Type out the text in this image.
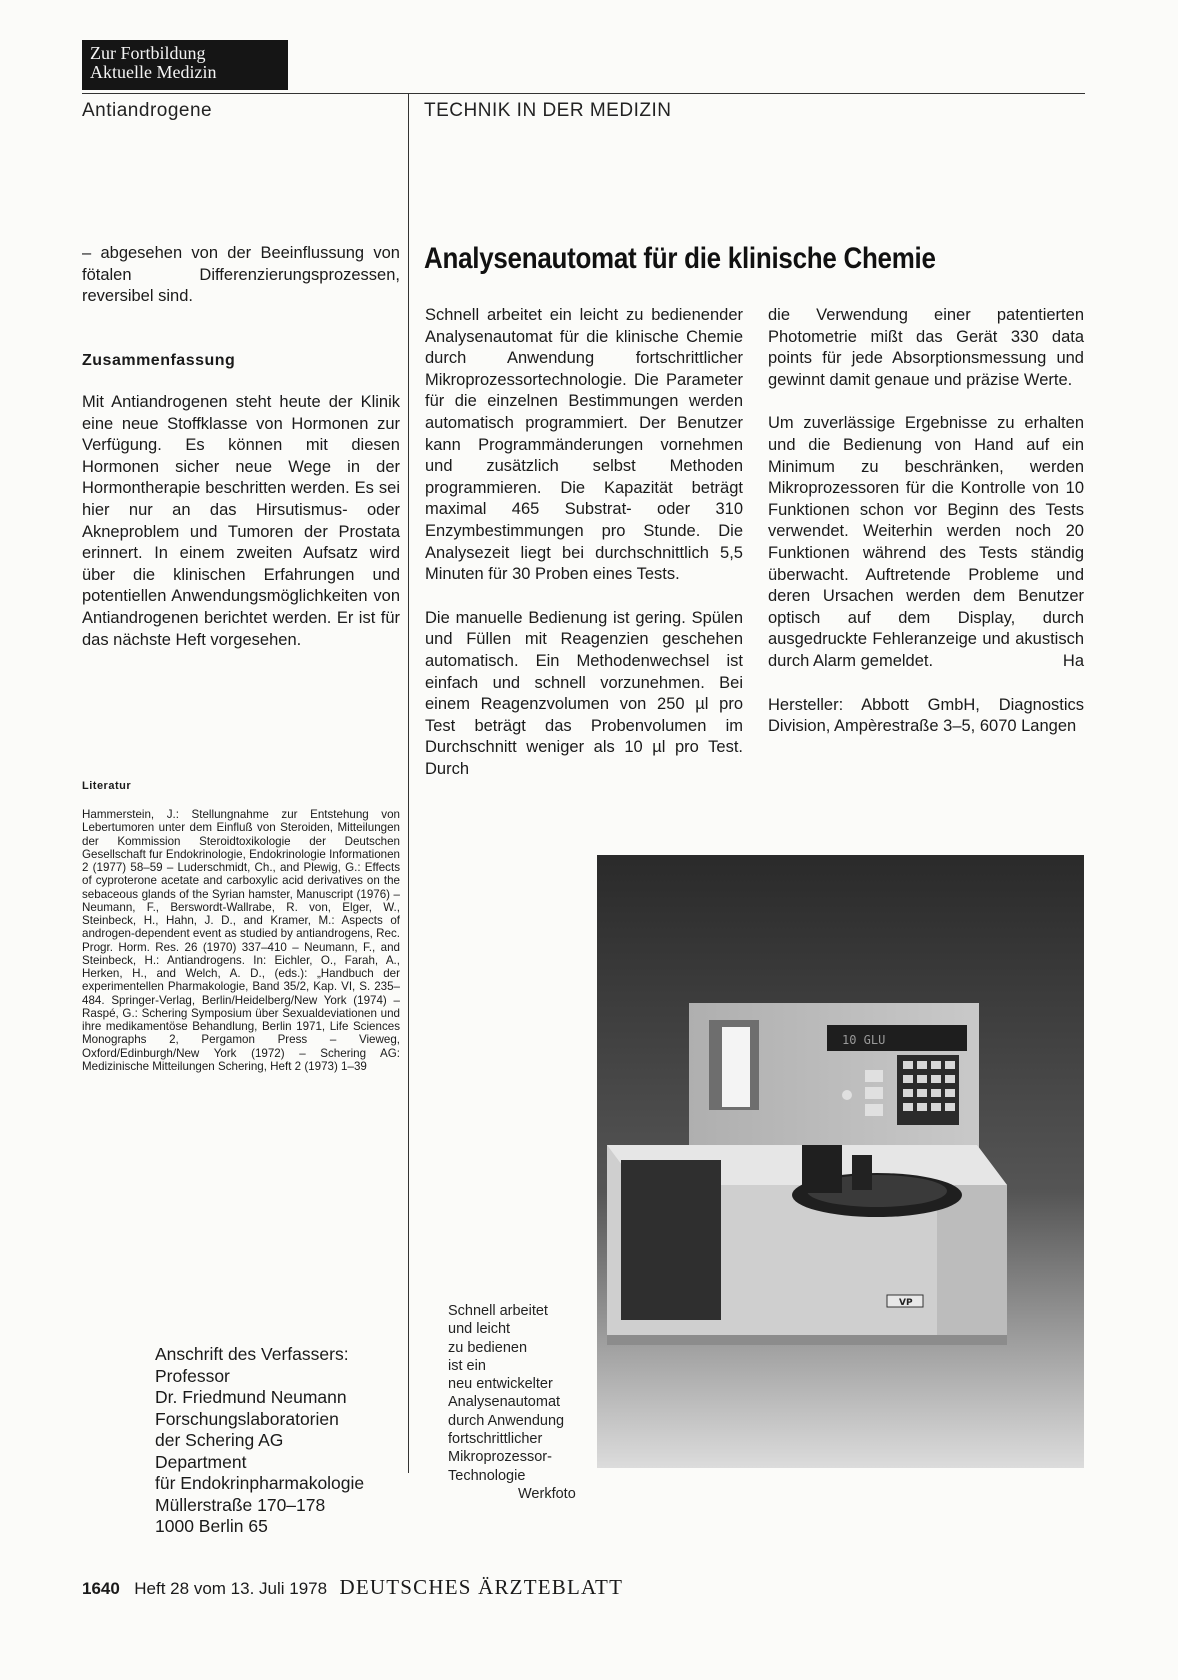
Zur Fortbildung
Aktuelle Medizin
Antiandrogene	TECHNIK IN DER MEDIZIN

– abgesehen von der Beeinflussung von fötalen Differenzierungsprozessen, reversibel sind.

Zusammenfassung

Mit Antiandrogenen steht heute der Klinik eine neue Stoffklasse von Hormonen zur Verfügung. Es können mit diesen Hormonen sicher neue Wege in der Hormontherapie beschritten werden. Es sei hier nur an das Hirsutismus- oder Akneproblem und Tumoren der Prostata erinnert. In einem zweiten Aufsatz wird über die klinischen Erfahrungen und potentiellen Anwendungsmöglichkeiten von Antiandrogenen berichtet werden. Er ist für das nächste Heft vorgesehen.

Literatur

Hammerstein, J.: Stellungnahme zur Entstehung von Lebertumoren unter dem Einfluß von Steroiden, Mitteilungen der Kommission Steroidtoxikologie der Deutschen Gesellschaft fur Endokrinologie, Endokrinologie Informationen 2 (1977) 58–59 – Luderschmidt, Ch., and Plewig, G.: Effects of cyproterone acetate and carboxylic acid derivatives on the sebaceous glands of the Syrian hamster, Manuscript (1976) – Neumann, F., Berswordt-Wallrabe, R. von, Elger, W., Steinbeck, H., Hahn, J. D., and Kramer, M.: Aspects of androgen-dependent event as studied by antiandrogens, Rec. Progr. Horm. Res. 26 (1970) 337–410 – Neumann, F., and Steinbeck, H.: Antiandrogens. In: Eichler, O., Farah, A., Herken, H., and Welch, A. D., (eds.): „Handbuch der experimentellen Pharmakologie, Band 35/2, Kap. VI, S. 235–484. Springer-Verlag, Berlin/Heidelberg/New York (1974) – Raspé, G.: Schering Symposium über Sexualdeviationen und ihre medikamentöse Behandlung, Berlin 1971, Life Sciences Monographs 2, Pergamon Press – Vieweg, Oxford/Edinburgh/New York (1972) – Schering AG: Medizinische Mitteilungen Schering, Heft 2 (1973) 1–39

Anschrift des Verfassers:
Professor
Dr. Friedmund Neumann
Forschungslaboratorien
der Schering AG
Department
für Endokrinpharmakologie
Müllerstraße 170–178
1000 Berlin 65
Analysenautomat für die klinische Chemie

Schnell arbeitet ein leicht zu bedienender Analysenautomat für die klinische Chemie durch Anwendung fortschrittlicher Mikroprozessortechnologie. Die Parameter für die einzelnen Bestimmungen werden automatisch programmiert. Der Benutzer kann Programmänderungen vornehmen und zusätzlich selbst Methoden programmieren. Die Kapazität beträgt maximal 465 Substrat- oder 310 Enzymbestimmungen pro Stunde. Die Analysezeit liegt bei durchschnittlich 5,5 Minuten für 30 Proben eines Tests.

Die manuelle Bedienung ist gering. Spülen und Füllen mit Reagenzien geschehen automatisch. Ein Methodenwechsel ist einfach und schnell vorzunehmen. Bei einem Reagenzvolumen von 250 µl pro Test beträgt das Probenvolumen im Durchschnitt weniger als 10 µl pro Test. Durch

die Verwendung einer patentierten Photometrie mißt das Gerät 330 data points für jede Absorptionsmessung und gewinnt damit genaue und präzise Werte.

Um zuverlässige Ergebnisse zu erhalten und die Bedienung von Hand auf ein Minimum zu beschränken, werden Mikroprozessoren für die Kontrolle von 10 Funktionen schon vor Beginn des Tests verwendet. Weiterhin werden noch 20 Funktionen während des Tests ständig überwacht. Auftretende Probleme und deren Ursachen werden dem Benutzer optisch auf dem Display, durch ausgedruckte Fehleranzeige und akustisch durch Alarm gemeldet.	Ha

Hersteller: Abbott GmbH, Diagnostics Division, Ampèrestraße 3–5, 6070 Langen

10 GLU
VP
Schnell arbeitet
und leicht
zu bedienen
ist ein
neu entwickelter
Analysenautomat
durch Anwendung
fortschrittlicher
Mikroprozessor-
Technologie
Werkfoto
1640 Heft 28 vom 13. Juli 1978 DEUTSCHES ÄRZTEBLATT
